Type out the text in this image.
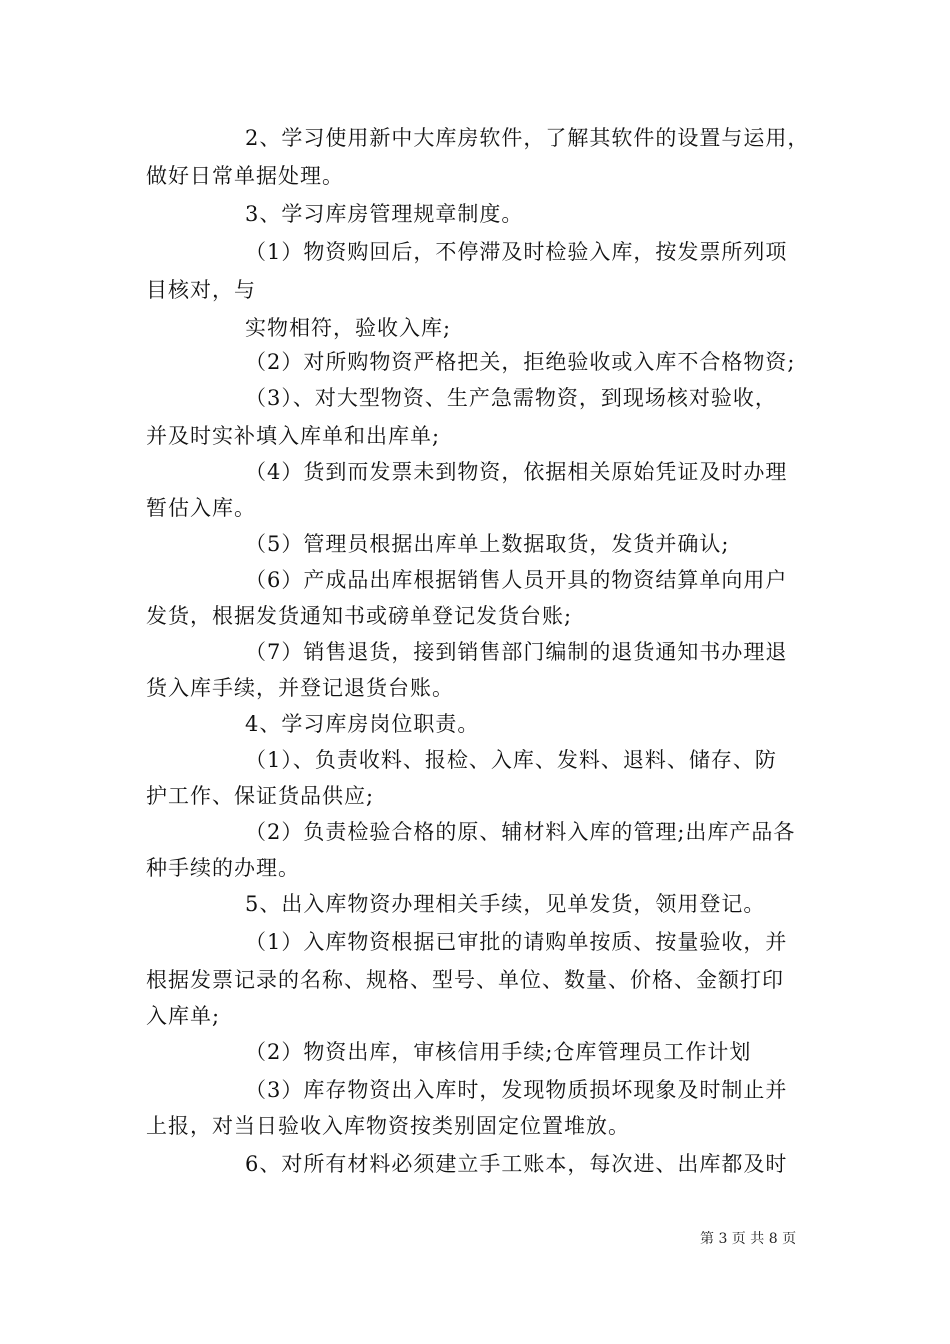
2、学习使用新中大库房软件，了解其软件的设置与运用，
做好日常单据处理。
3、学习库房管理规章制度。
（1）物资购回后，不停滞及时检验入库，按发票所列项
目核对，与
实物相符，验收入库;
（2）对所购物资严格把关，拒绝验收或入库不合格物资;
（3）、对大型物资、生产急需物资，到现场核对验收，
并及时实补填入库单和出库单;
（4）货到而发票未到物资，依据相关原始凭证及时办理
暂估入库。
（5）管理员根据出库单上数据取货，发货并确认;
（6）产成品出库根据销售人员开具的物资结算单向用户
发货，根据发货通知书或磅单登记发货台账;
（7）销售退货，接到销售部门编制的退货通知书办理退
货入库手续，并登记退货台账。
4、学习库房岗位职责。
（1）、负责收料、报检、入库、发料、退料、储存、防
护工作、保证货品供应;
（2）负责检验合格的原、辅材料入库的管理;出库产品各
种手续的办理。
5、出入库物资办理相关手续，见单发货，领用登记。
（1）入库物资根据已审批的请购单按质、按量验收，并
根据发票记录的名称、规格、型号、单位、数量、价格、金额打印
入库单;
（2）物资出库，审核信用手续;仓库管理员工作计划
（3）库存物资出入库时，发现物质损坏现象及时制止并
上报，对当日验收入库物资按类别固定位置堆放。
6、对所有材料必须建立手工账本，每次进、出库都及时
第 3 页 共 8 页
